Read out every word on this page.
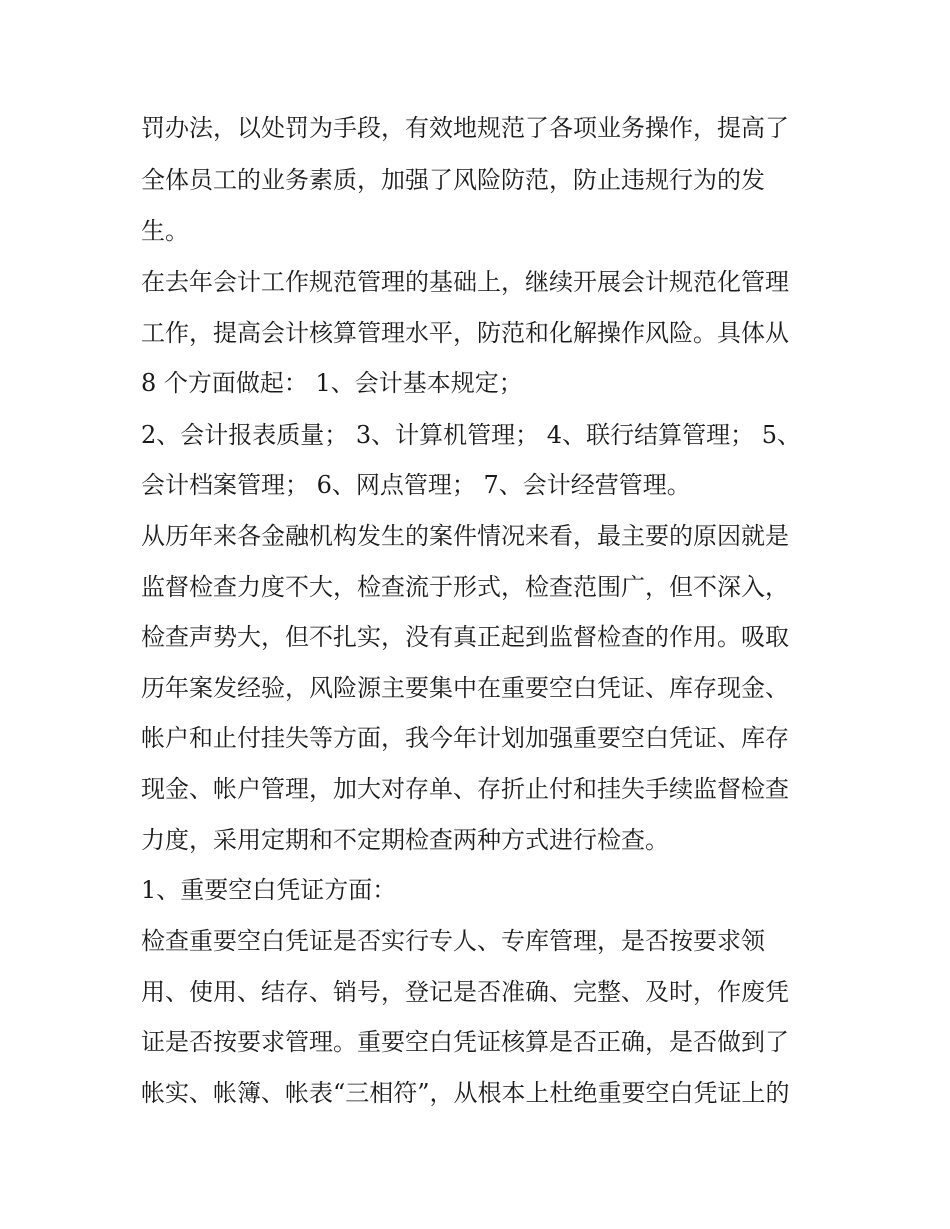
罚办法，以处罚为手段，有效地规范了各项业务操作，提高了
全体员工的业务素质，加强了风险防范，防止违规行为的发
生。
在去年会计工作规范管理的基础上，继续开展会计规范化管理
工作，提高会计核算管理水平，防范和化解操作风险。具体从
8 个方面做起： 1、会计基本规定；
2、会计报表质量； 3、计算机管理； 4、联行结算管理； 5、
会计档案管理； 6、网点管理； 7、会计经营管理。
从历年来各金融机构发生的案件情况来看，最主要的原因就是
监督检查力度不大，检查流于形式，检查范围广，但不深入，
检查声势大，但不扎实，没有真正起到监督检查的作用。吸取
历年案发经验，风险源主要集中在重要空白凭证、库存现金、
帐户和止付挂失等方面，我今年计划加强重要空白凭证、库存
现金、帐户管理，加大对存单、存折止付和挂失手续监督检查
力度，采用定期和不定期检查两种方式进行检查。
1、重要空白凭证方面：
检查重要空白凭证是否实行专人、专库管理，是否按要求领
用、使用、结存、销号，登记是否准确、完整、及时，作废凭
证是否按要求管理。重要空白凭证核算是否正确，是否做到了
帐实、帐簿、帐表“三相符”，从根本上杜绝重要空白凭证上的
